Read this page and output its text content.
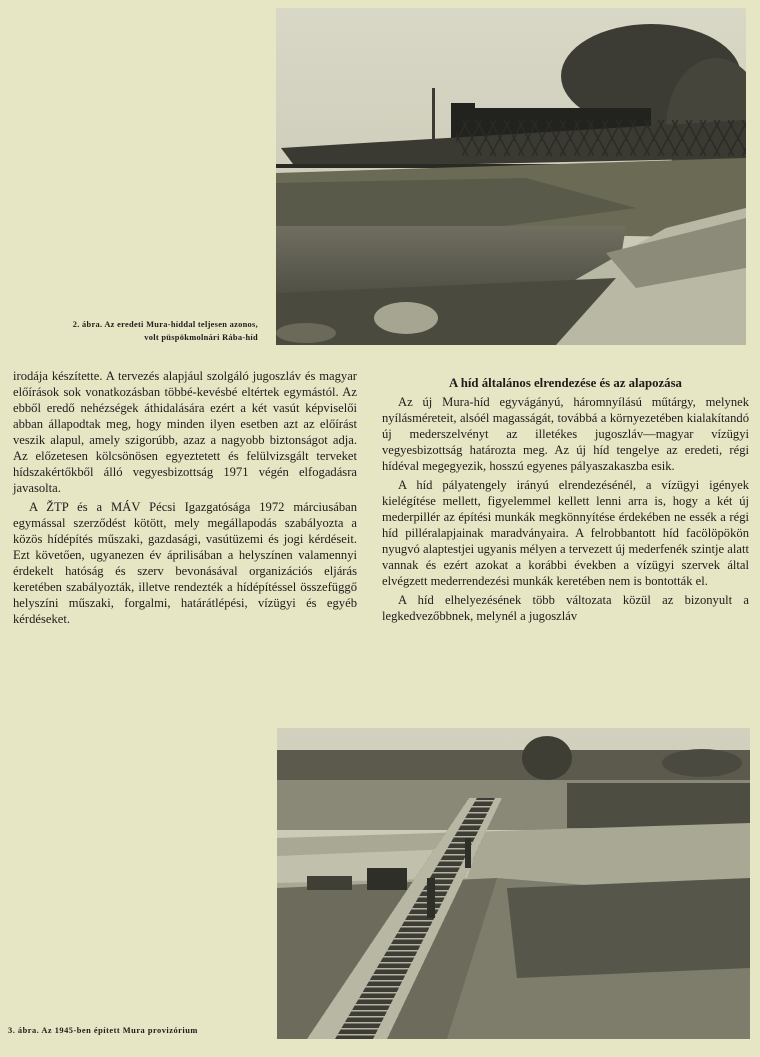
2. ábra. Az eredeti Mura-híddal teljesen azonos,
volt püspökmolnári Rába-híd

irodája készítette. A tervezés alapjául szolgáló jugoszláv és magyar előírások sok vonatkozásban többé-kevésbé eltértek egymástól. Az ebből eredő nehézségek áthidalására ezért a két vasút képviselői abban állapodtak meg, hogy minden ilyen esetben azt az előírást veszik alapul, amely szigorúbb, azaz a nagyobb biztonságot adja. Az előzetesen kölcsönösen egyeztetett és felülvizsgált terveket hídszakértőkből álló vegyesbizottság 1971 végén elfogadásra javasolta.

A ŽTP és a MÁV Pécsi Igazgatósága 1972 márciusában egymással szerződést kötött, mely megállapodás szabályozta a közös hídépítés műszaki, gazdasági, vasútüzemi és jogi kérdéseit. Ezt követően, ugyanezen év áprilisában a helyszínen valamennyi érdekelt hatóság és szerv bevonásával organizációs eljárás keretében szabályozták, illetve rendezték a hídépítéssel összefüggő helyszíni műszaki, forgalmi, határátlépési, vízügyi és egyéb kérdéseket.

A híd általános elrendezése és az alapozása

Az új Mura-híd egyvágányú, háromnyílású műtárgy, melynek nyílásméreteit, alsóél magasságát, továbbá a környezetében kialakítandó új mederszelvényt az illetékes jugoszláv—magyar vízügyi vegyesbizottság határozta meg. Az új híd tengelye az eredeti, régi hídéval megegyezik, hosszú egyenes pályaszakaszba esik.

A híd pályatengely irányú elrendezésénél, a vízügyi igények kielégítése mellett, figyelemmel kellett lenni arra is, hogy a két új mederpillér az építési munkák megkönnyítése érdekében ne essék a régi híd pilléralapjainak maradványaira. A felrobbantott híd facölöpökön nyugvó alaptestjei ugyanis mélyen a tervezett új mederfenék szintje alatt vannak és ezért azokat a korábbi években a vízügyi szervek által elvégzett mederrendezési munkák keretében nem is bontották el.

A híd elhelyezésének több változata közül az bizonyult a legkedvezőbbnek, melynél a jugoszláv

3. ábra. Az 1945-ben épített Mura provizórium
